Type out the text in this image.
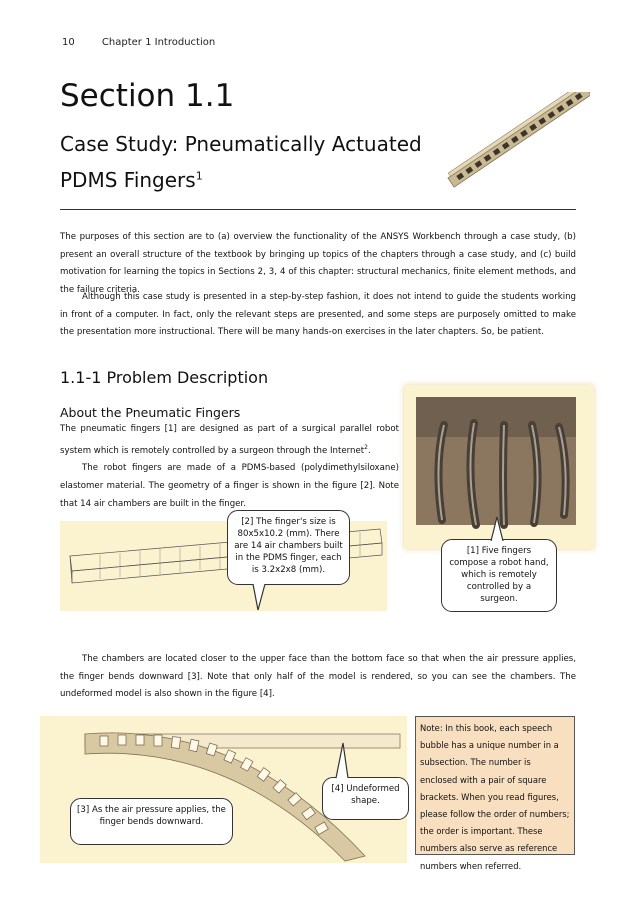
10	Chapter 1 Introduction
Section 1.1
Case Study: Pneumatically Actuated
PDMS Fingers$^1$

The purposes of this section are to (a) overview the functionality of the ANSYS Workbench through a case study, (b) present an overall structure of the textbook by bringing up topics of the chapters through a case study, and (c) build motivation for learning the topics in Sections 2, 3, 4 of this chapter: structural mechanics, finite element methods, and the failure criteria.

Although this case study is presented in a step-by-step fashion, it does not intend to guide the students working in front of a computer. In fact, only the relevant steps are presented, and some steps are purposely omitted to make the presentation more instructional. There will be many hands-on exercises in the later chapters. So, be patient.

1.1-1 Problem Description
About the Pneumatic Fingers
The pneumatic fingers [1] are designed as part of a surgical parallel robot system which is remotely controlled by a surgeon through the Internet$^2$.
The robot fingers are made of a PDMS-based (polydimethylsiloxane) elastomer material. The geometry of a finger is shown in the figure [2]. Note that 14 air chambers are built in the finger.
[2] The finger's size is 80x5x10.2 (mm). There are 14 air chambers built in the PDMS finger, each is 3.2x2x8 (mm).
[1] Five fingers compose a robot hand, which is remotely controlled by a surgeon.

The chambers are located closer to the upper face than the bottom face so that when the air pressure applies, the finger bends downward [3]. Note that only half of the model is rendered, so you can see the chambers. The undeformed model is also shown in the figure [4].

[4] Undeformed shape.
[3] As the air pressure applies, the finger bends downward.
Note: In this book, each speech bubble has a unique number in a subsection. The number is enclosed with a pair of square brackets. When you read figures, please follow the order of numbers; the order is important. These numbers also serve as reference numbers when referred.
